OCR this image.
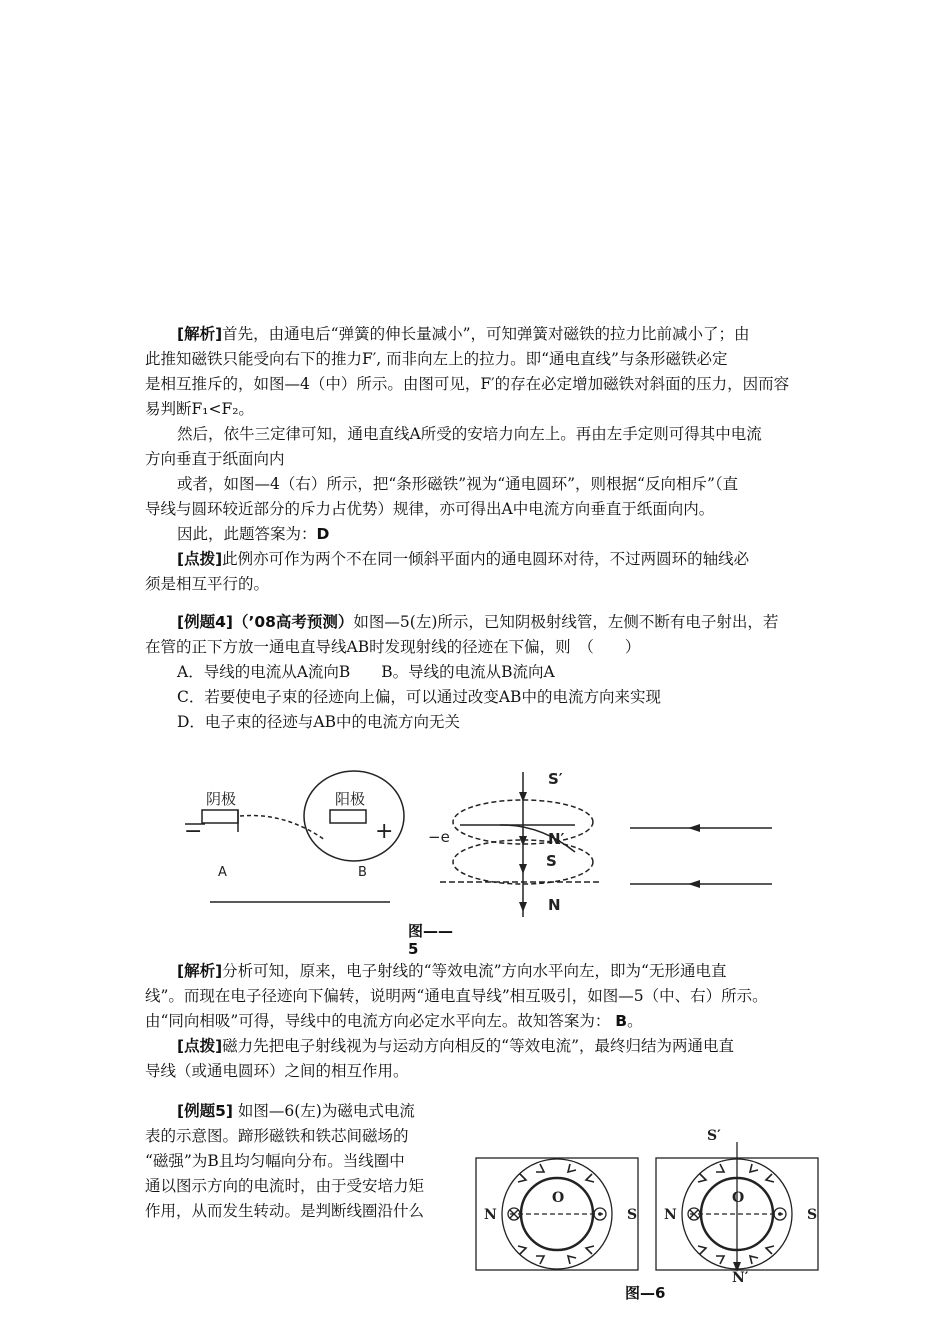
[解析]首先，由通电后“弹簧的伸长量减小”，可知弹簧对磁铁的拉力比前减小了；由
此推知磁铁只能受向右下的推力F′, 而非向左上的拉力。即“通电直线”与条形磁铁必定
是相互推斥的，如图—4（中）所示。由图可见，F′的存在必定增加磁铁对斜面的压力，因而容
易判断F₁<F₂。
然后，依牛三定律可知，通电直线A所受的安培力向左上。再由左手定则可得其中电流
方向垂直于纸面向内
或者，如图—4（右）所示，把“条形磁铁”视为“通电圆环”，则根据“反向相斥”（直
导线与圆环较近部分的斥力占优势）规律，亦可得出A中电流方向垂直于纸面向内。
因此，此题答案为：D
[点拨]此例亦可作为两个不在同一倾斜平面内的通电圆环对待，不过两圆环的轴线必
须是相互平行的。
[例题4]（’08高考预测）如图—5(左)所示，已知阴极射线管，左侧不断有电子射出，若
在管的正下方放一通电直导线AB时发现射线的径迹在下偏，则　（　　）
A．导线的电流从A流向B　　B。导线的电流从B流向A
C．若要使电子束的径迹向上偏，可以通过改变AB中的电流方向来实现
D．电子束的径迹与AB中的电流方向无关
阴极	阳极
−	+
A	B
S′
N′
−e
S
N
图——
5
[解析]分析可知，原来，电子射线的“等效电流”方向水平向左，即为“无形通电直
线”。而现在电子径迹向下偏转，说明两“通电直导线”相互吸引，如图—5（中、右）所示。
由“同向相吸”可得，导线中的电流方向必定水平向左。故知答案为： B。
[点拨]磁力先把电子射线视为与运动方向相反的“等效电流”，最终归结为两通电直
导线（或通电圆环）之间的相互作用。
[例题5] 如图—6(左)为磁电式电流
表的示意图。蹄形磁铁和铁芯间磁场的
“磁强”为B且均匀幅向分布。当线圈中
通以图示方向的电流时，由于受安培力矩
作用，从而发生转动。是判断线圈沿什么	N	S
O
N	S
O
S′
N′
图—6
